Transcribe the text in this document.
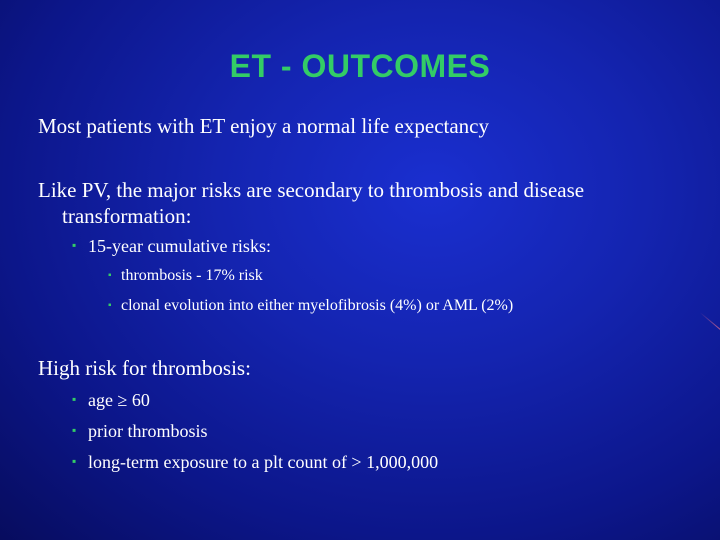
ET - OUTCOMES
Most patients with ET enjoy a normal life expectancy
Like PV, the major risks are secondary to thrombosis and disease
transformation:
▪ 15-year cumulative risks:
▪ thrombosis - 17% risk
▪ clonal evolution into either myelofibrosis (4%) or AML (2%)
High risk for thrombosis:
▪ age ≥ 60
▪ prior thrombosis
▪ long-term exposure to a plt count of > 1,000,000
